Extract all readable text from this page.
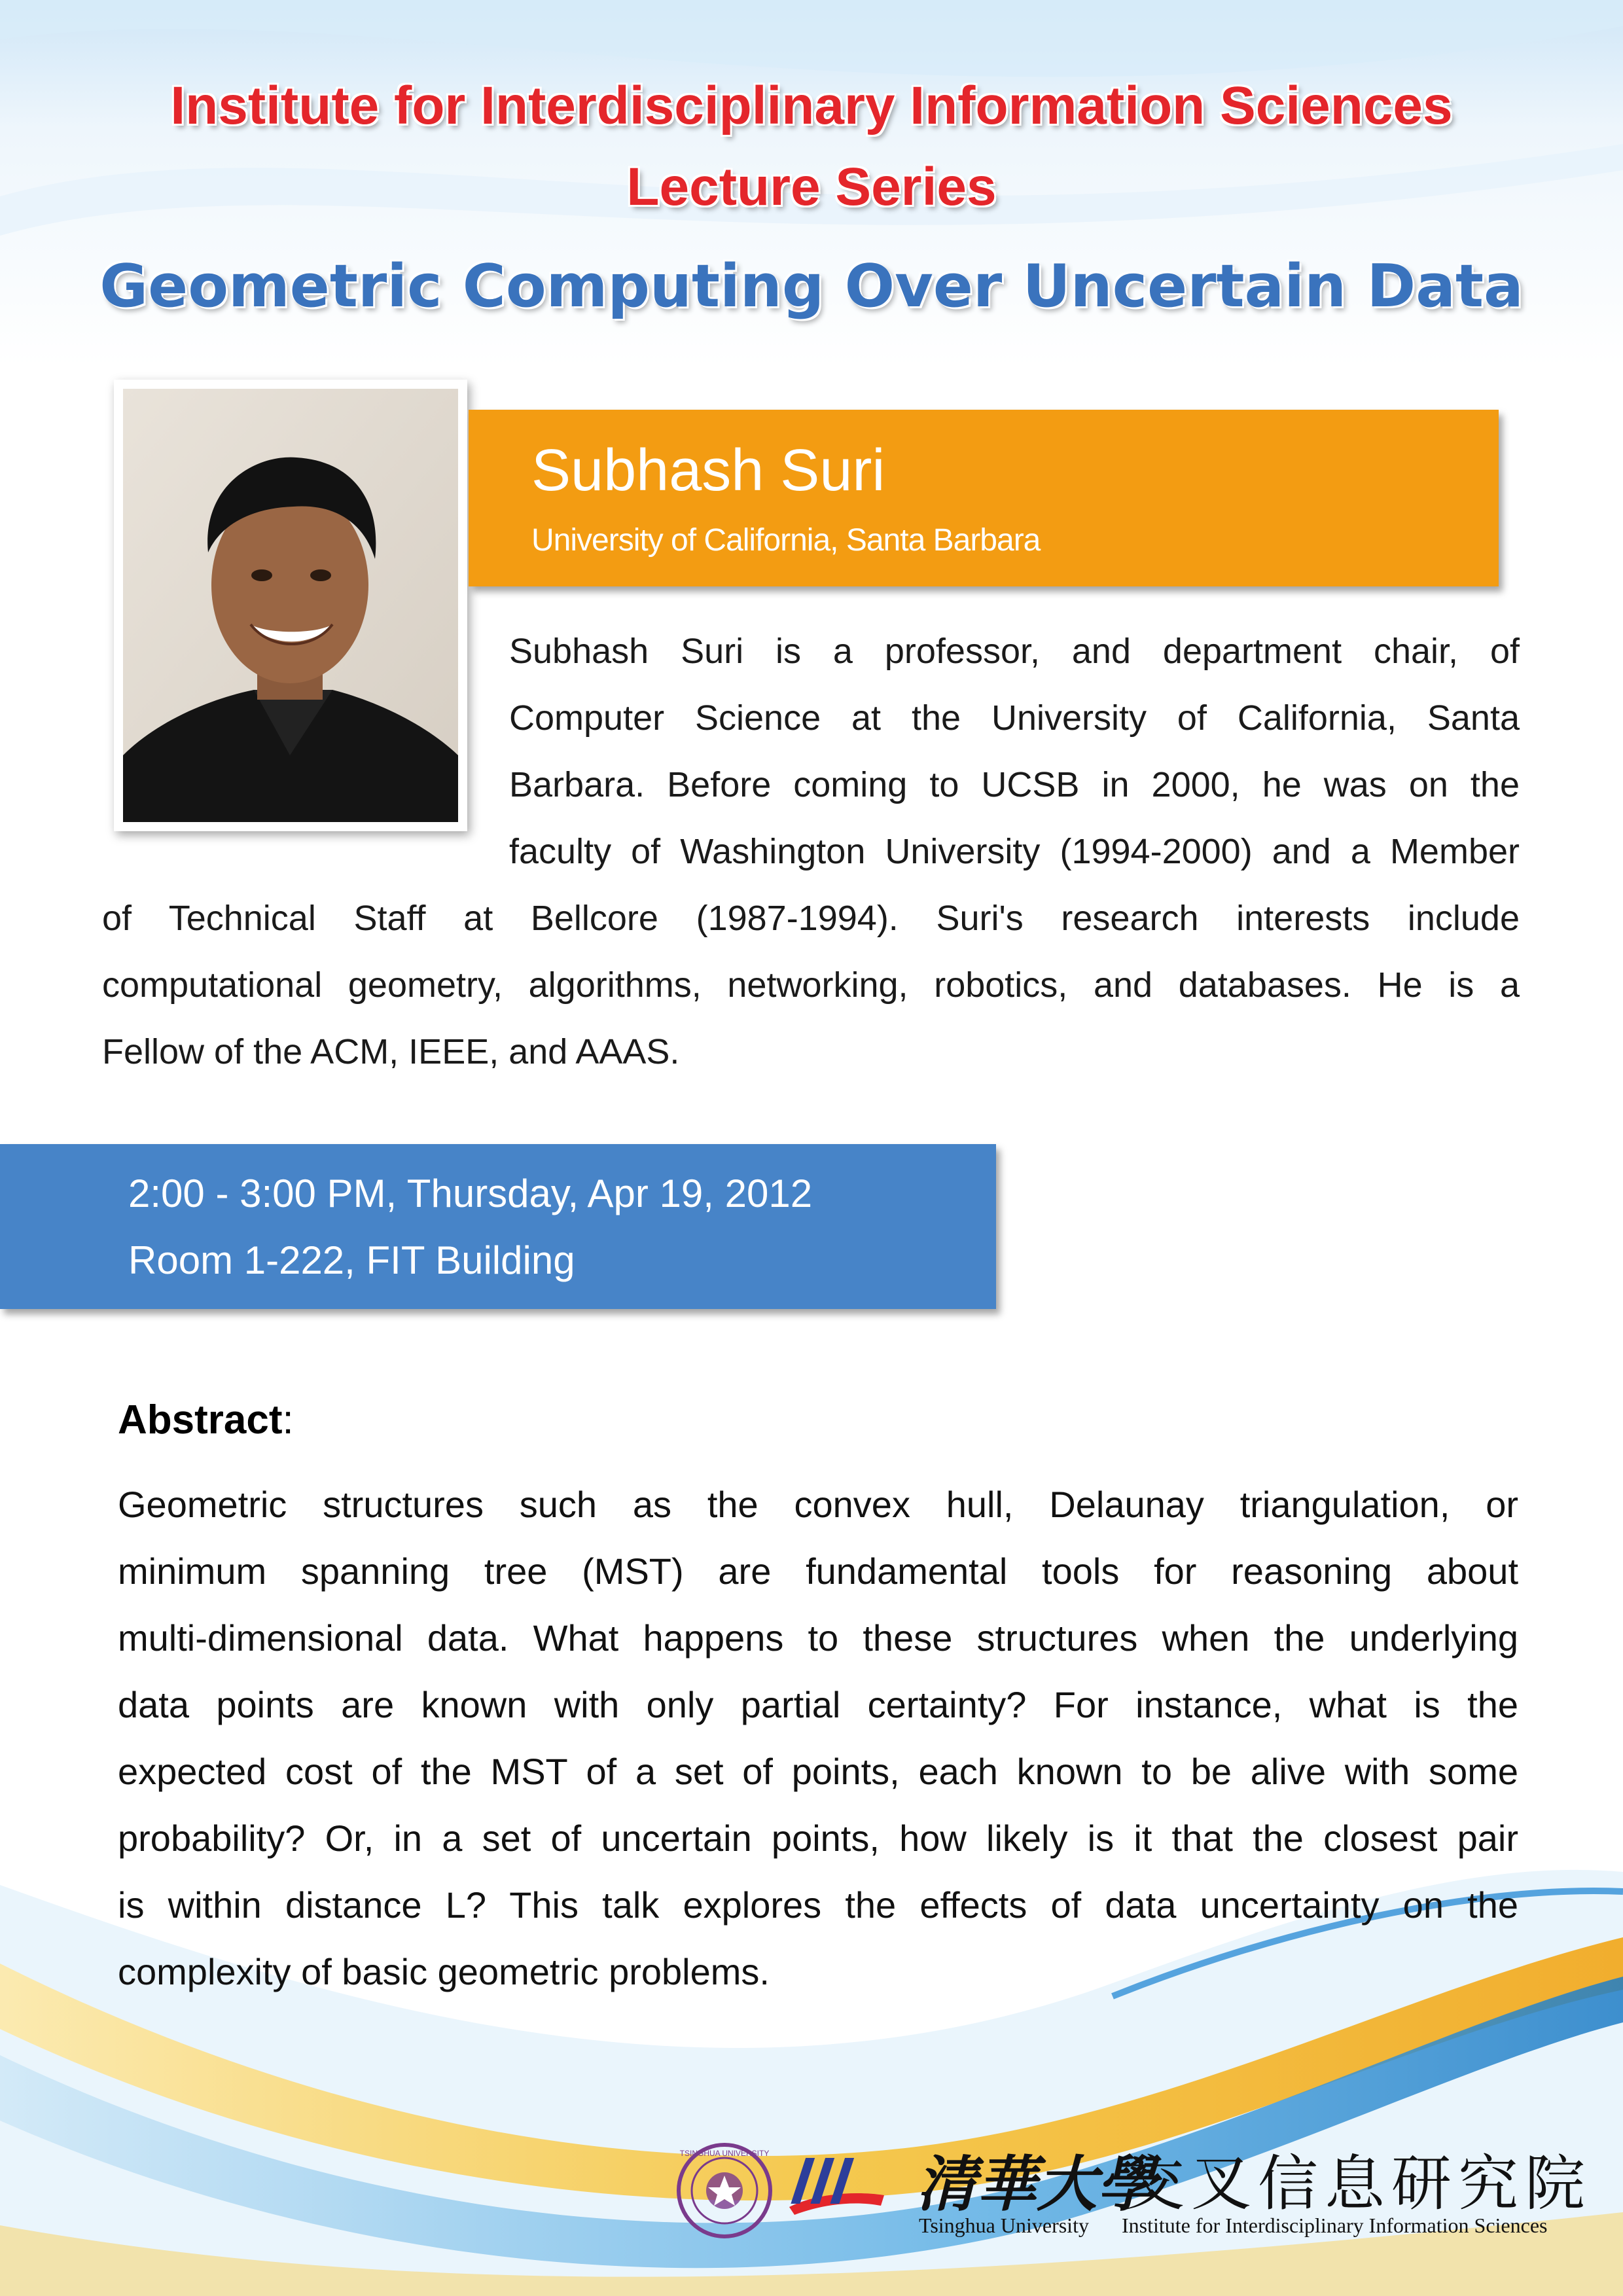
Institute for Interdisciplinary Information Sciences
Lecture Series
Geometric Computing Over Uncertain Data
Subhash Suri
University of California, Santa Barbara
Subhash Suri is a professor, and department chair, of
Computer Science at the University of California, Santa
Barbara. Before coming to UCSB in 2000, he was on the
faculty of Washington University (1994-2000) and a Member
of Technical Staff at Bellcore (1987-1994). Suri's research interests include
computational geometry, algorithms, networking, robotics, and databases. He is a
Fellow of the ACM, IEEE, and AAAS.
2:00 - 3:00 PM, Thursday, Apr 19, 2012
Room 1-222, FIT Building
Abstract:
Geometric structures such as the convex hull, Delaunay triangulation, or
minimum spanning tree (MST) are fundamental tools for reasoning about
multi-dimensional data. What happens to these structures when the underlying
data points are known with only partial certainty? For instance, what is the
expected cost of the MST of a set of points, each known to be alive with some
probability? Or, in a set of uncertain points, how likely is it that the closest pair
is within distance L? This talk explores the effects of data uncertainty on the
complexity of basic geometric problems.
TSINGHUA UNIVERSITY 清華大學
交叉信息研究院
Tsinghua University Institute for Interdisciplinary Information Sciences
